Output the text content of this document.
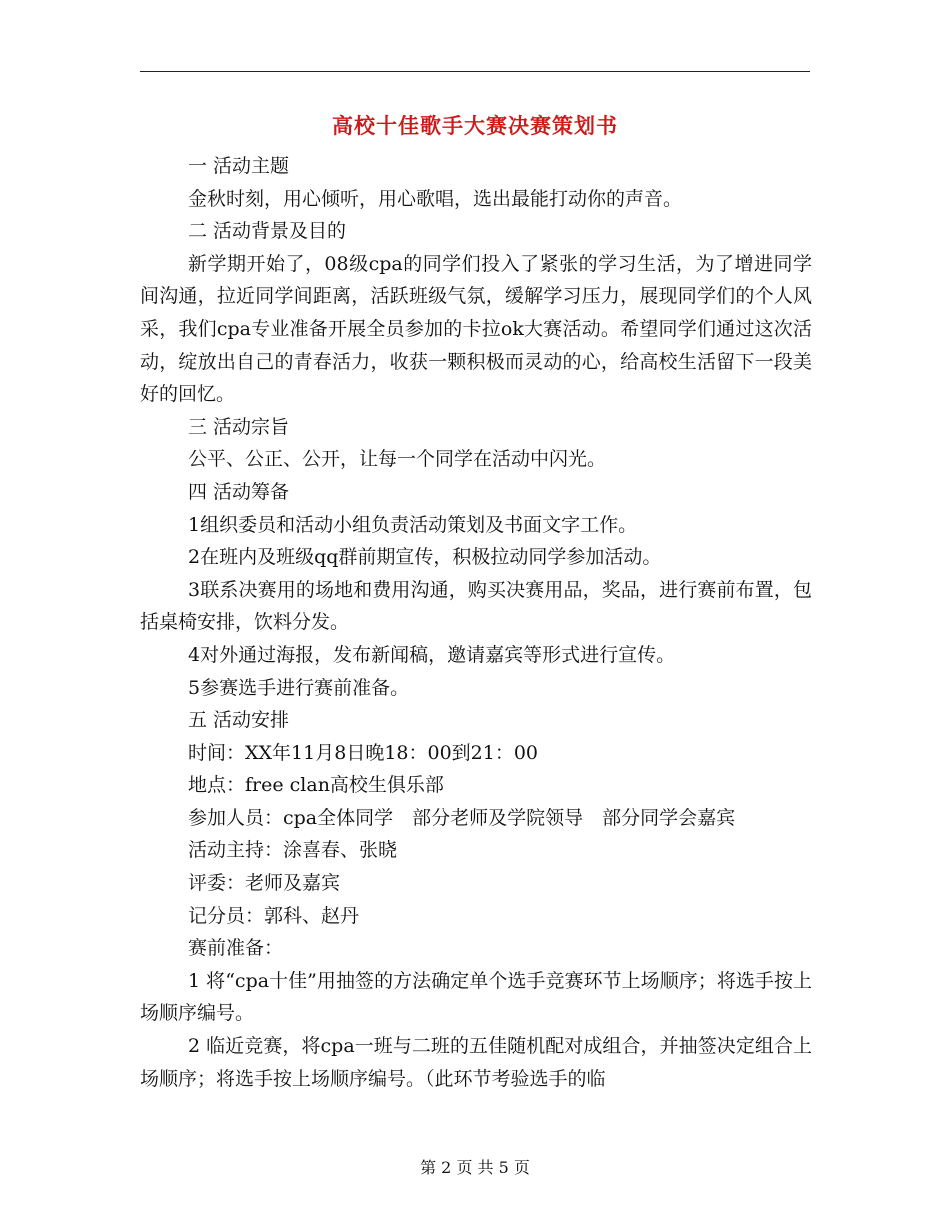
高校十佳歌手大赛决赛策划书

一 活动主题

金秋时刻，用心倾听，用心歌唱，选出最能打动你的声音。

二 活动背景及目的

新学期开始了，08级cpa的同学们投入了紧张的学习生活，为了增进同学间沟通，拉近同学间距离，活跃班级气氛，缓解学习压力，展现同学们的个人风采，我们cpa专业准备开展全员参加的卡拉ok大赛活动。希望同学们通过这次活动，绽放出自己的青春活力，收获一颗积极而灵动的心，给高校生活留下一段美好的回忆。

三 活动宗旨

公平、公正、公开，让每一个同学在活动中闪光。

四 活动筹备

1组织委员和活动小组负责活动策划及书面文字工作。

2在班内及班级qq群前期宣传，积极拉动同学参加活动。

3联系决赛用的场地和费用沟通，购买决赛用品，奖品，进行赛前布置，包括桌椅安排，饮料分发。

4对外通过海报，发布新闻稿，邀请嘉宾等形式进行宣传。

5参赛选手进行赛前准备。

五 活动安排

时间：XX年11月8日晚18：00到21：00

地点：free clan高校生俱乐部

参加人员：cpa全体同学　部分老师及学院领导　部分同学会嘉宾

活动主持：涂喜春、张晓

评委：老师及嘉宾

记分员：郭科、赵丹

赛前准备：

1 将“cpa十佳”用抽签的方法确定单个选手竞赛环节上场顺序；将选手按上场顺序编号。

2 临近竞赛，将cpa一班与二班的五佳随机配对成组合，并抽签决定组合上场顺序；将选手按上场顺序编号。（此环节考验选手的临

第 2 页 共 5 页
